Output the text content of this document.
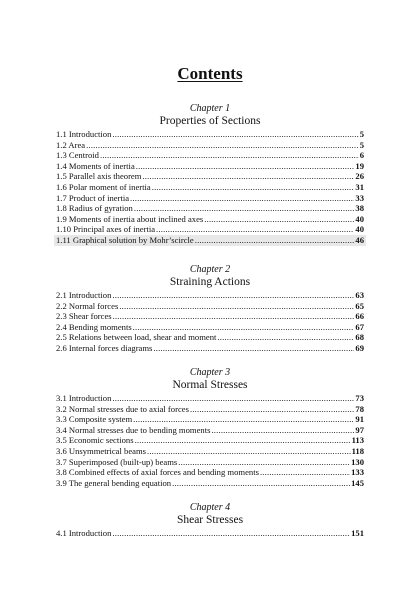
Contents
Chapter 1
Properties of Sections
1.1 Introduction .....	5
1.2 Area .....	5
1.3 Centroid .....	6
1.4 Moments of inertia .....	19
1.5 Parallel axis theorem .....	26
1.6 Polar moment of inertia .....	31
1.7 Product of inertia .....	33
1.8 Radius of gyration .....	38
1.9 Moments of inertia about inclined axes .....	40
1.10 Principal axes of inertia .....	40
1.11 Graphical solution by Mohr’scircle .....	46
Chapter 2
Straining Actions
2.1 Introduction .....	63
2.2 Normal forces .....	65
2.3 Shear forces .....	66
2.4 Bending moments .....	67
2.5 Relations between load, shear and moment .....	68
2.6 Internal forces diagrams .....	69
Chapter 3
Normal Stresses
3.1 Introduction .....	73
3.2 Normal stresses due to axial forces .....	78
3.3 Composite system .....	91
3.4 Normal stresses due to bending moments .....	97
3.5 Economic sections .....	113
3.6 Unsymmetrical beams .....	118
3.7 Superimposed (built-up) beams .....	130
3.8 Combined effects of axial forces and bending moments .....	133
3.9 The general bending equation .....	145
Chapter 4
Shear Stresses
4.1 Introduction .....	151
